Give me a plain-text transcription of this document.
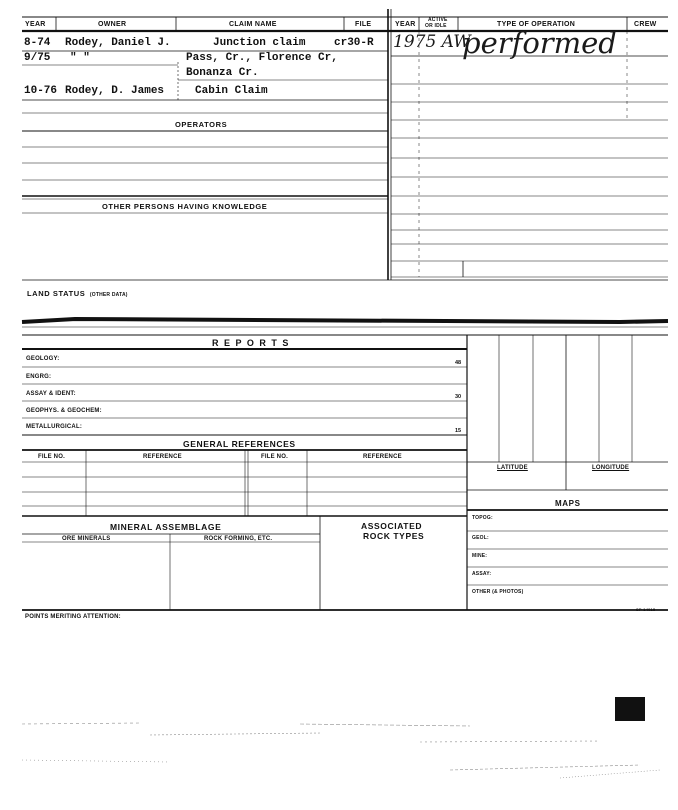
YEAR	OWNER	CLAIM NAME	FILE	YEAR
ACTIVE
OR IDLE	TYPE OF OPERATION	CREW
8-74 Rodey, Daniel J.	Junction claim	cr30-R
9/75 " "	Pass, Cr., Florence Cr,
Bonanza Cr.
10-76 Rodey, D. James	Cabin Claim
1975 AW
performed
OPERATORS
OTHER PERSONS HAVING KNOWLEDGE
LAND STATUS (OTHER DATA)
R E P O R T S
GEOLOGY:
48
ENGRG:
ASSAY & IDENT:	30
GEOPHYS. & GEOCHEM:
METALLURGICAL:
15
GENERAL REFERENCES
FILE NO.	REFERENCE	FILE NO.	REFERENCE
LATITUDE	LONGITUDE
MAPS
TOPOG:
GEOL:
MINE:
ASSAY:
OTHER (& PHOTOS)
MINERAL ASSEMBLAGE
ORE MINERALS	ROCK FORMING, ETC.
ASSOCIATED
ROCK TYPES
POINTS MERITING ATTENTION:
SP-14015
